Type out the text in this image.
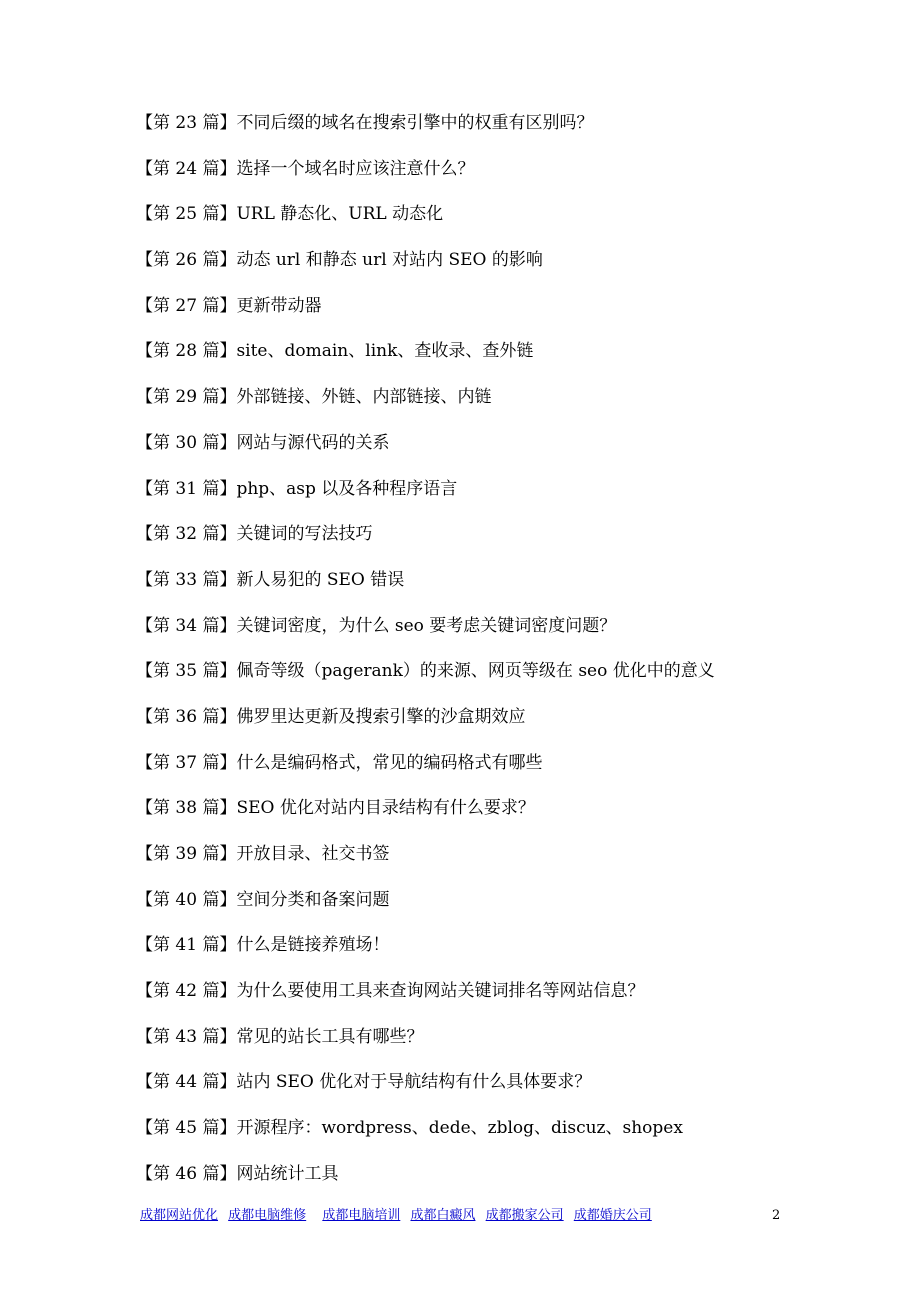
【第 23 篇】不同后缀的域名在搜索引擎中的权重有区别吗？
【第 24 篇】选择一个域名时应该注意什么？
【第 25 篇】URL 静态化、URL 动态化
【第 26 篇】动态 url 和静态 url 对站内 SEO 的影响
【第 27 篇】更新带动器
【第 28 篇】site、domain、link、查收录、查外链
【第 29 篇】外部链接、外链、内部链接、内链
【第 30 篇】网站与源代码的关系
【第 31 篇】php、asp 以及各种程序语言
【第 32 篇】关键词的写法技巧
【第 33 篇】新人易犯的 SEO 错误
【第 34 篇】关键词密度，为什么 seo 要考虑关键词密度问题？
【第 35 篇】佩奇等级（pagerank）的来源、网页等级在 seo 优化中的意义
【第 36 篇】佛罗里达更新及搜索引擎的沙盒期效应
【第 37 篇】什么是编码格式，常见的编码格式有哪些
【第 38 篇】SEO 优化对站内目录结构有什么要求？
【第 39 篇】开放目录、社交书签
【第 40 篇】空间分类和备案问题
【第 41 篇】什么是链接养殖场！
【第 42 篇】为什么要使用工具来查询网站关键词排名等网站信息？
【第 43 篇】常见的站长工具有哪些？
【第 44 篇】站内 SEO 优化对于导航结构有什么具体要求？
【第 45 篇】开源程序：wordpress、dede、zblog、discuz、shopex
【第 46 篇】网站统计工具
成都网站优化 成都电脑维修 成都电脑培训 成都白癜风 成都搬家公司 成都婚庆公司	2
